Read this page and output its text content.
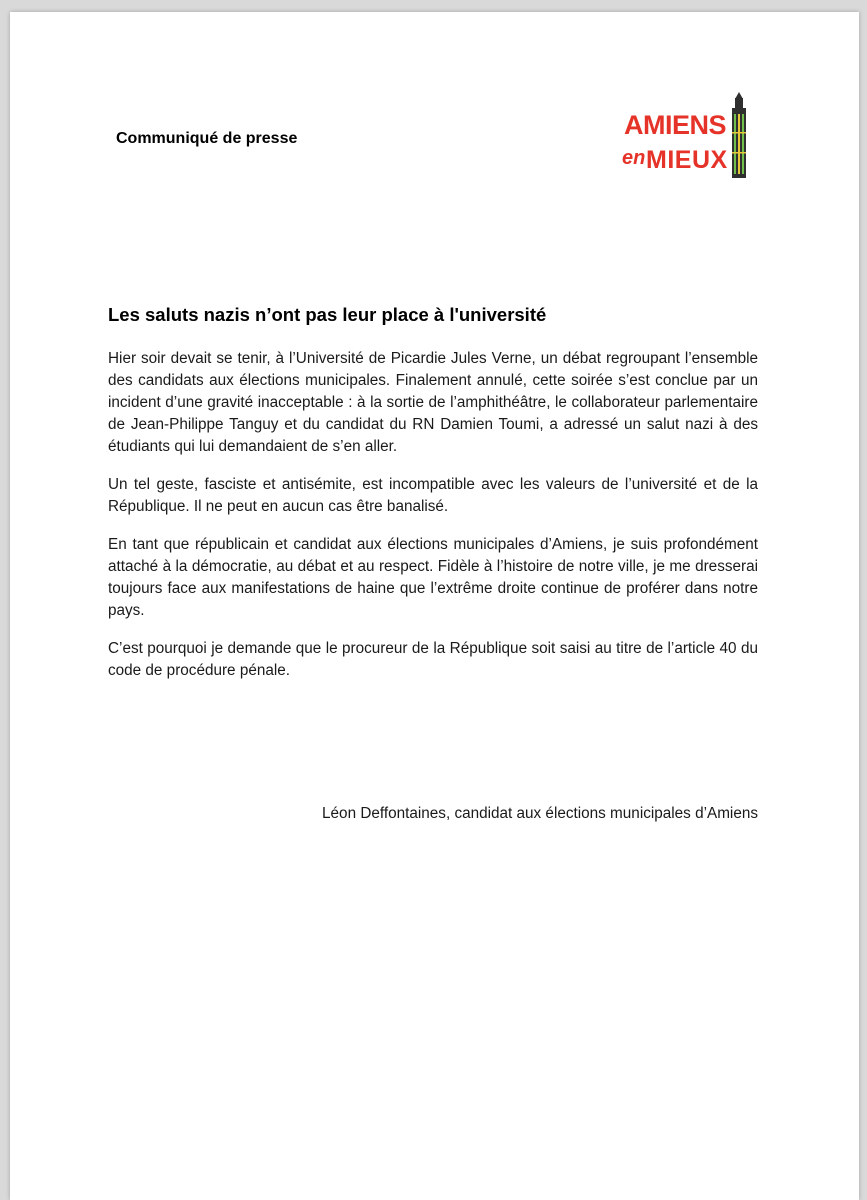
Communiqué de presse	AMIENS
en MIEUX
Les saluts nazis n’ont pas leur place à l'université

Hier soir devait se tenir, à l’Université de Picardie Jules Verne, un débat regroupant l’ensemble des candidats aux élections municipales. Finalement annulé, cette soirée s’est conclue par un incident d’une gravité inacceptable : à la sortie de l’amphithéâtre, le collaborateur parlementaire de Jean-Philippe Tanguy et du candidat du RN Damien Toumi, a adressé un salut nazi à des étudiants qui lui demandaient de s’en aller.

Un tel geste, fasciste et antisémite, est incompatible avec les valeurs de l’université et de la République. Il ne peut en aucun cas être banalisé.

En tant que républicain et candidat aux élections municipales d’Amiens, je suis profondément attaché à la démocratie, au débat et au respect. Fidèle à l’histoire de notre ville, je me dresserai toujours face aux manifestations de haine que l’extrême droite continue de proférer dans notre pays.

C’est pourquoi je demande que le procureur de la République soit saisi au titre de l’article 40 du code de procédure pénale.

Léon Deffontaines, candidat aux élections municipales d’Amiens
